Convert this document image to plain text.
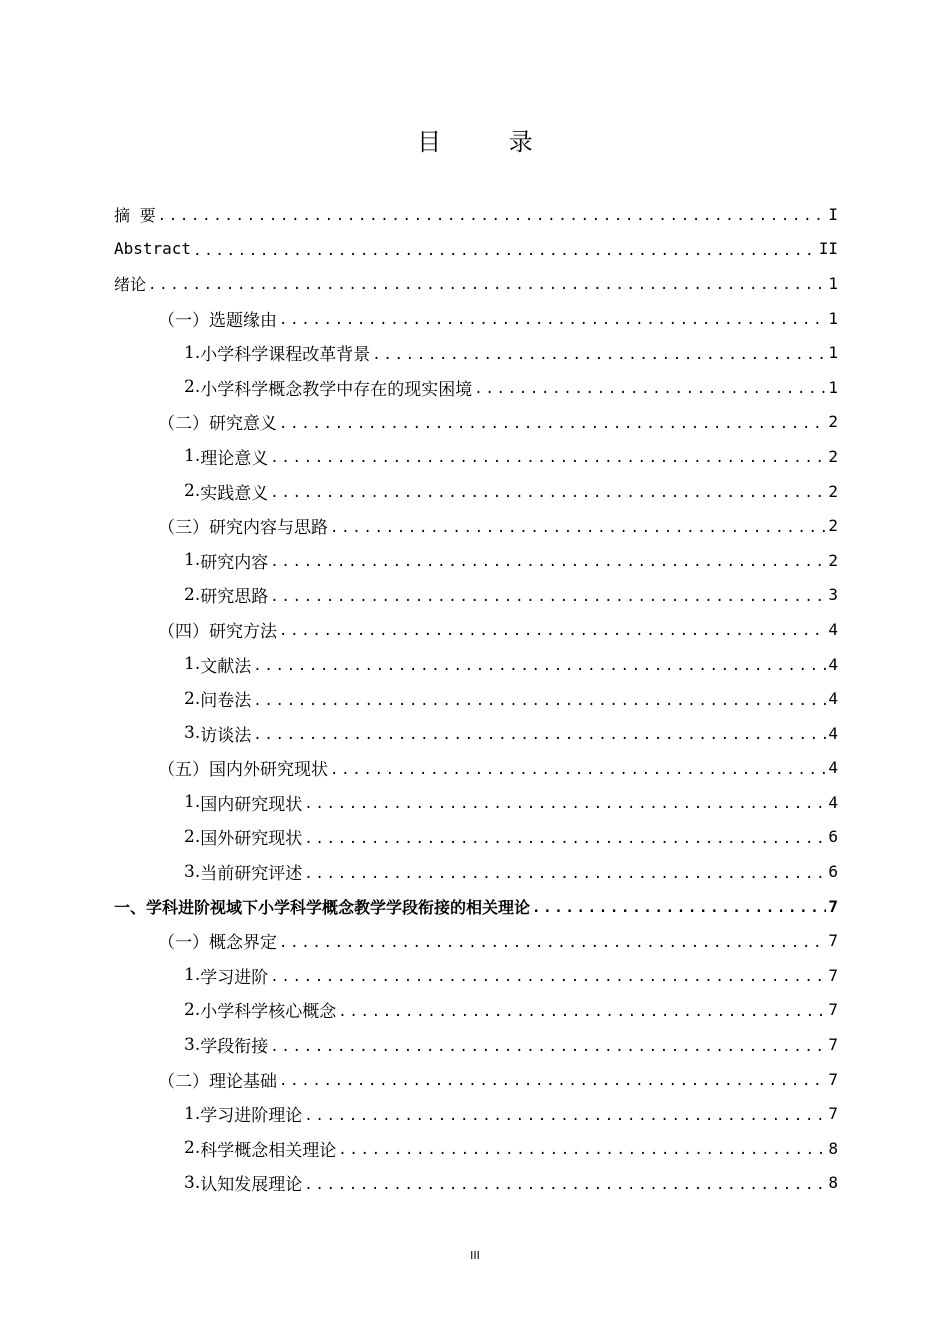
目 录
摘 要 .....	I
Abstract .....	II
绪论 .....	1
（一） 选题缘由 .....	1
1. 小学科学课程改革背景 .....	1
2. 小学科学概念教学中存在的现实困境 .....	1
（二） 研究意义 .....	2
1. 理论意义 .....	2
2. 实践意义 .....	2
（三） 研究内容与思路 .....	2
1. 研究内容 .....	2
2. 研究思路 .....	3
（四） 研究方法 .....	4
1. 文献法 .....	4
2. 问卷法 .....	4
3. 访谈法 .....	4
（五） 国内外研究现状 .....	4
1. 国内研究现状 .....	4
2. 国外研究现状 .....	6
3. 当前研究评述 .....	6
一、 学科进阶视域下小学科学概念教学学段衔接的相关理论 .....	7
（一） 概念界定 .....	7
1. 学习进阶 .....	7
2. 小学科学核心概念 .....	7
3. 学段衔接 .....	7
（二） 理论基础 .....	7
1. 学习进阶理论 .....	7
2. 科学概念相关理论 .....	8
3. 认知发展理论 .....	8
III
